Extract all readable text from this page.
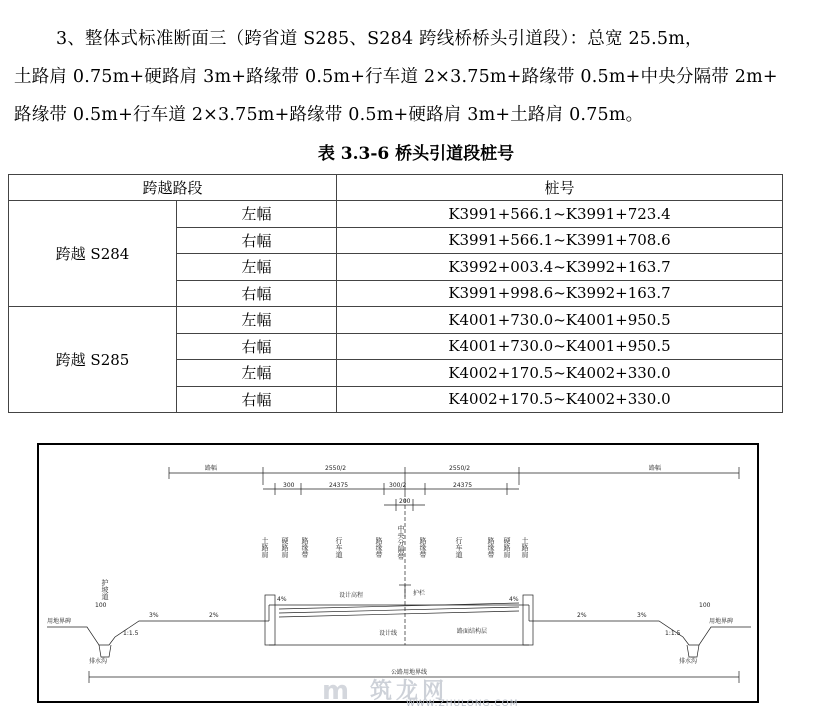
3、整体式标准断面三（跨省道 S285、S284 跨线桥桥头引道段）：总宽 25.5m，
土路肩 0.75m+硬路肩 3m+路缘带 0.5m+行车道 2×3.75m+路缘带 0.5m+中央分隔带 2m+
路缘带 0.5m+行车道 2×3.75m+路缘带 0.5m+硬路肩 3m+土路肩 0.75m。
表 3.3-6 桥头引道段桩号
跨越路段		桩号
跨越 S284	左幅	K3991+566.1~K3991+723.4
	右幅	K3991+566.1~K3991+708.6
	左幅	K3992+003.4~K3992+163.7
	右幅	K3991+998.6~K3992+163.7
跨越 S285	左幅	K4001+730.0~K4001+950.5
	右幅	K4001+730.0~K4001+950.5
	左幅	K4002+170.5~K4002+330.0
	右幅	K4002+170.5~K4002+330.0
路幅	路幅
2550/2	2550/2
300	24375	300/2	24375
200
100	100
公路用地界线
土路肩 硬路肩 路缘带	行车道	路缘带 中央分隔带 路缘带	行车道	路缘带 硬路肩 土路肩
护坡道	设计高程	护栏
设计线	路面结构层
4%
2%	2%
4%
3%	3%
排水沟	排水沟
用地界碑	用地界碑
1:1.5	1:1.5
ⅿ 筑龙网
WWW.ZHULONG.COM
